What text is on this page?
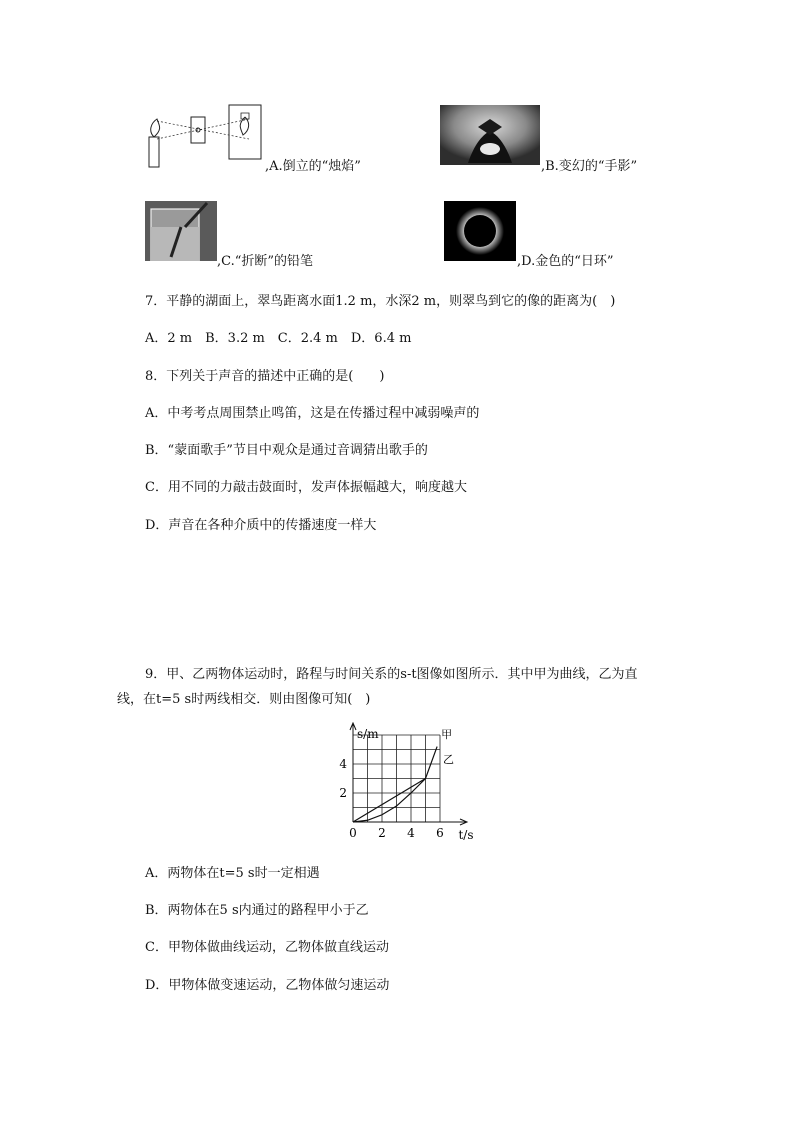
,A.倒立的“烛焰”	,B.变幻的“手影”
,C.“折断”的铅笔	,D.金色的“日环”
7．平静的湖面上，翠鸟距离水面1.2 m，水深2 m，则翠鸟到它的像的距离为(　)
A．2 m　B．3.2 m　C．2.4 m　D．6.4 m
8．下列关于声音的描述中正确的是(　　)
A．中考考点周围禁止鸣笛，这是在传播过程中减弱噪声的
B．“蒙面歌手”节目中观众是通过音调猜出歌手的
C．用不同的力敲击鼓面时，发声体振幅越大，响度越大
D．声音在各种介质中的传播速度一样大
9．甲、乙两物体运动时，路程与时间关系的s-t图像如图所示．其中甲为曲线，乙为直
线，在t=5 s时两线相交．则由图像可知(　)
0 2 4 6
2
4
s/m
t/s
甲
乙
A．两物体在t=5 s时一定相遇
B．两物体在5 s内通过的路程甲小于乙
C．甲物体做曲线运动，乙物体做直线运动
D．甲物体做变速运动，乙物体做匀速运动
